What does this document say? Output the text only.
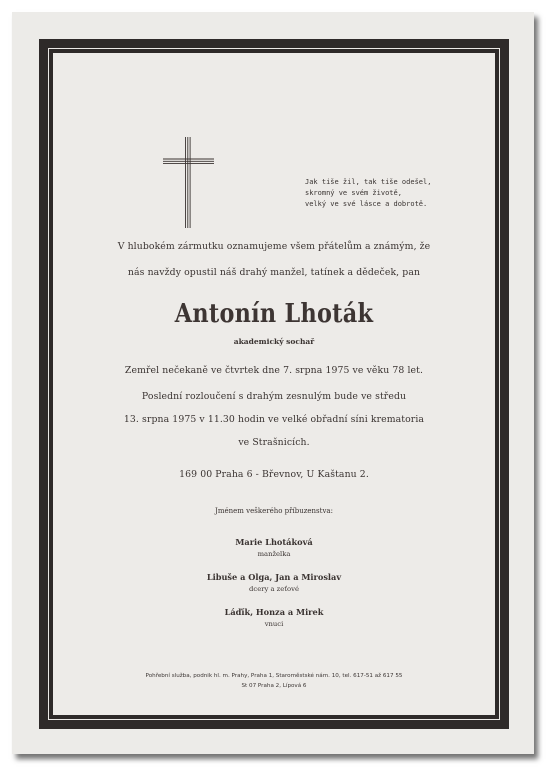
Jak tiše žil, tak tiše odešel,
skromný ve svém životě,
velký ve své lásce a dobrotě.
V hlubokém zármutku oznamujeme všem přátelům a známým, že
nás navždy opustil náš drahý manžel, tatínek a dědeček, pan
Antonín Lhoták
akademický sochař
Zemřel nečekaně ve čtvrtek dne 7. srpna 1975 ve věku 78 let.
Poslední rozloučení s drahým zesnulým bude ve středu
13. srpna 1975 v 11.30 hodin ve velké obřadní síni krematoria
ve Strašnicích.
169 00 Praha 6 - Břevnov, U Kaštanu 2.
Jménem veškerého příbuzenstva:
Marie Lhotáková
manželka
Libuše a Olga, Jan a Miroslav
dcery a zeťové
Láďík, Honza a Mirek
vnuci
Pohřební služba, podnik hl. m. Prahy, Praha 1, Staroměstské nám. 10, tel. 617-51 až 617 55
St 07 Praha 2, Lípová 6
